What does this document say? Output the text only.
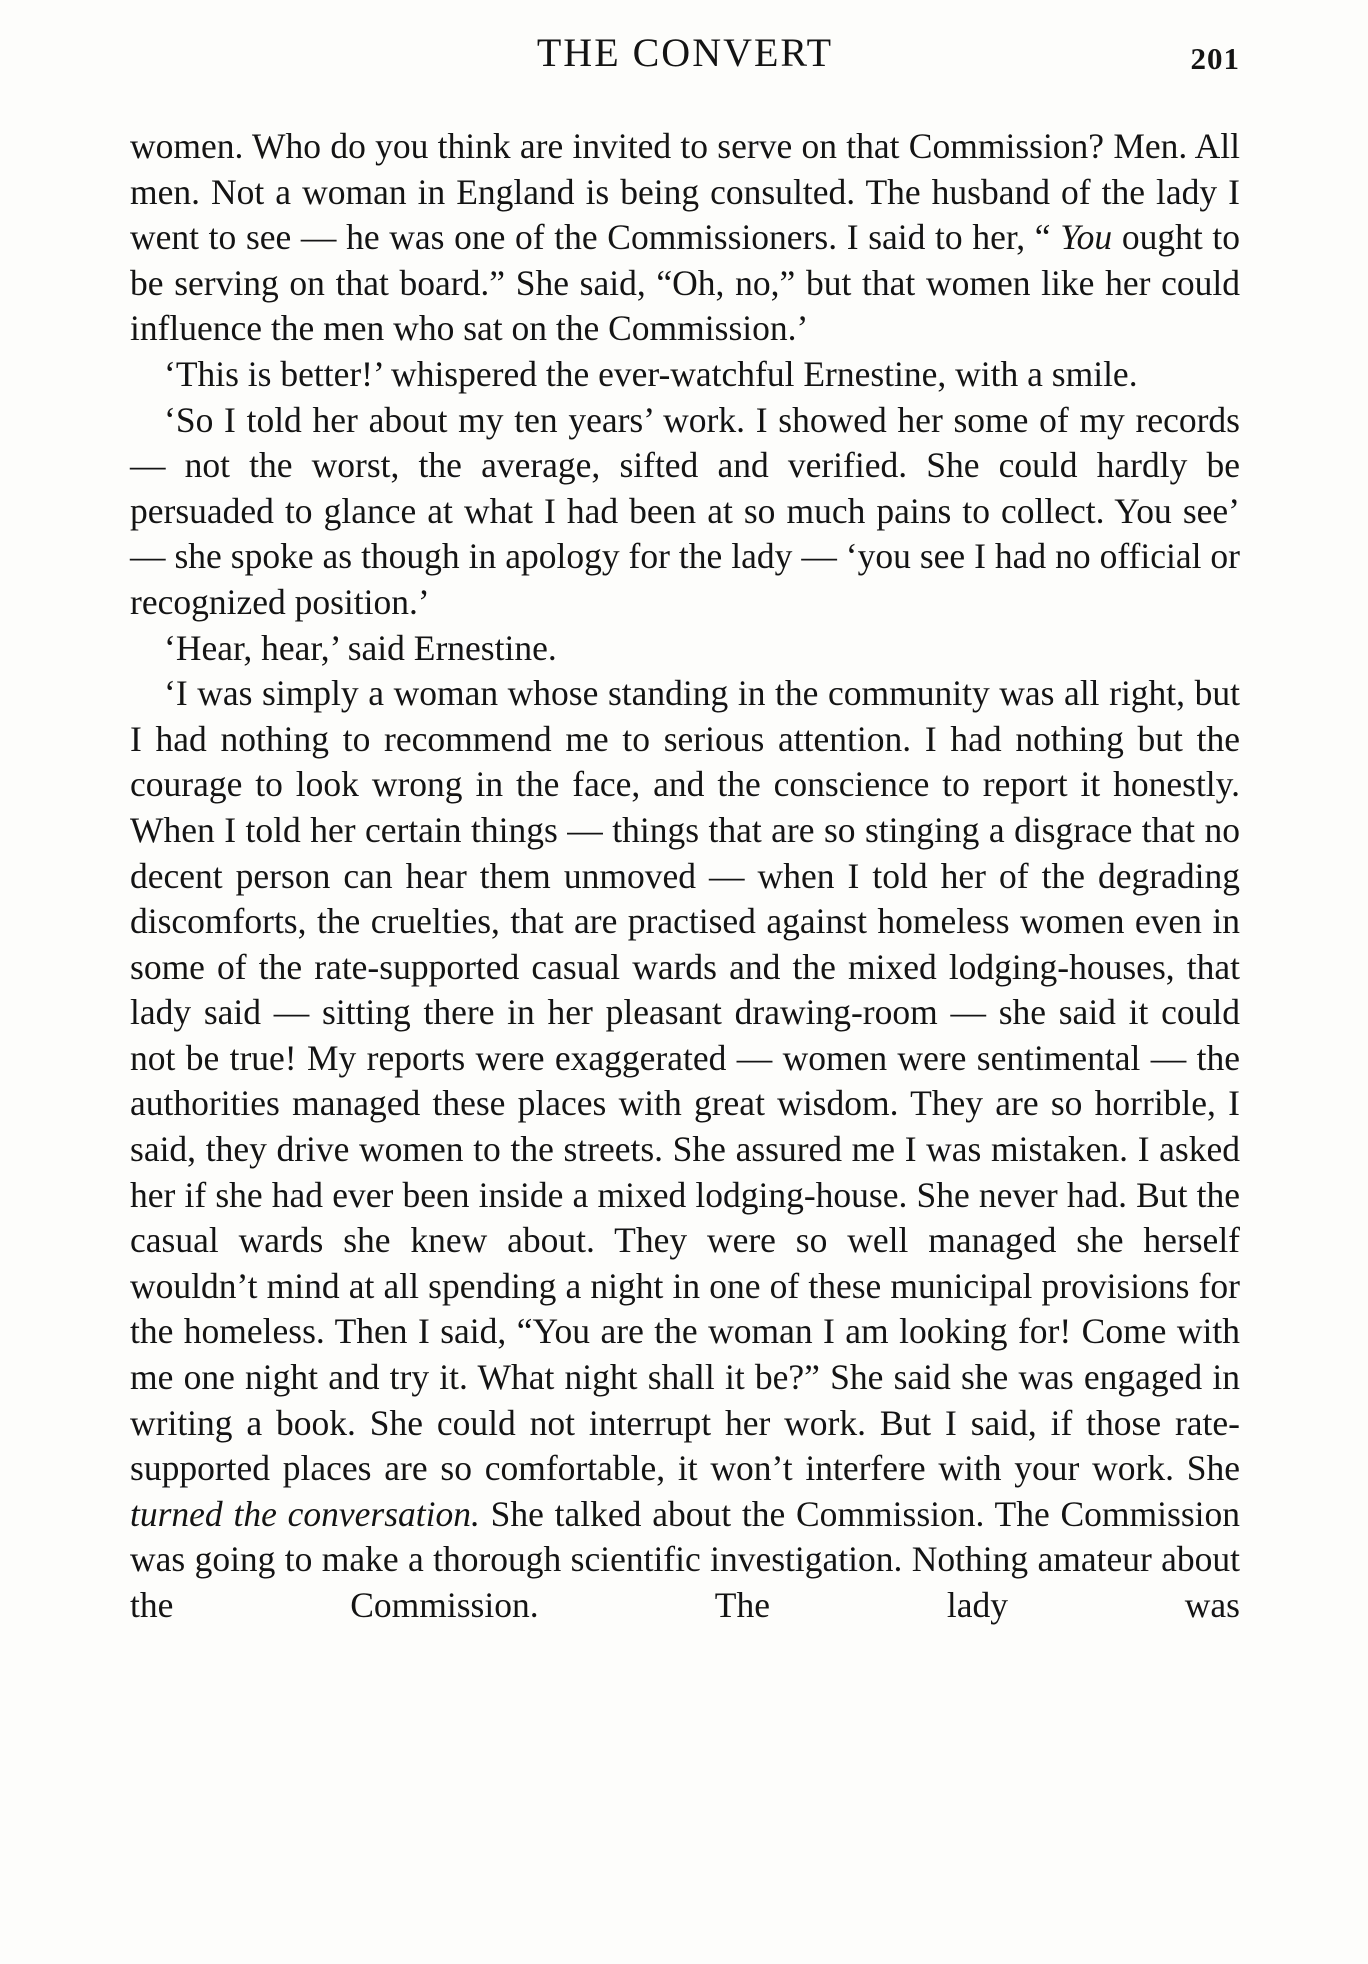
THE CONVERT	201

women. Who do you think are invited to serve on that Commission? Men. All men. Not a woman in England is being consulted. The husband of the lady I went to see — he was one of the Commissioners. I said to her, “ You ought to be serving on that board.” She said, “Oh, no,” but that women like her could influence the men who sat on the Commission.’

‘This is better!’ whispered the ever-watchful Ernestine, with a smile.

‘So I told her about my ten years’ work. I showed her some of my records — not the worst, the average, sifted and verified. She could hardly be persuaded to glance at what I had been at so much pains to collect. You see’ — she spoke as though in apology for the lady — ‘you see I had no official or recognized position.’

‘Hear, hear,’ said Ernestine.

‘I was simply a woman whose standing in the community was all right, but I had nothing to recommend me to serious attention. I had nothing but the courage to look wrong in the face, and the conscience to report it honestly. When I told her certain things — things that are so stinging a disgrace that no decent person can hear them unmoved — when I told her of the degrading discomforts, the cruelties, that are practised against homeless women even in some of the rate-supported casual wards and the mixed lodging-houses, that lady said — sitting there in her pleasant drawing-room — she said it could not be true! My reports were exaggerated — women were sentimental — the authorities managed these places with great wisdom. They are so horrible, I said, they drive women to the streets. She assured me I was mistaken. I asked her if she had ever been inside a mixed lodging-house. She never had. But the casual wards she knew about. They were so well managed she herself wouldn’t mind at all spending a night in one of these municipal provisions for the homeless. Then I said, “You are the woman I am looking for! Come with me one night and try it. What night shall it be?” She said she was engaged in writing a book. She could not interrupt her work. But I said, if those rate-supported places are so comfortable, it won’t interfere with your work. She turned the conversation. She talked about the Commission. The Commission was going to make a thorough scientific investigation. Nothing amateur about the Commission. The lady was
